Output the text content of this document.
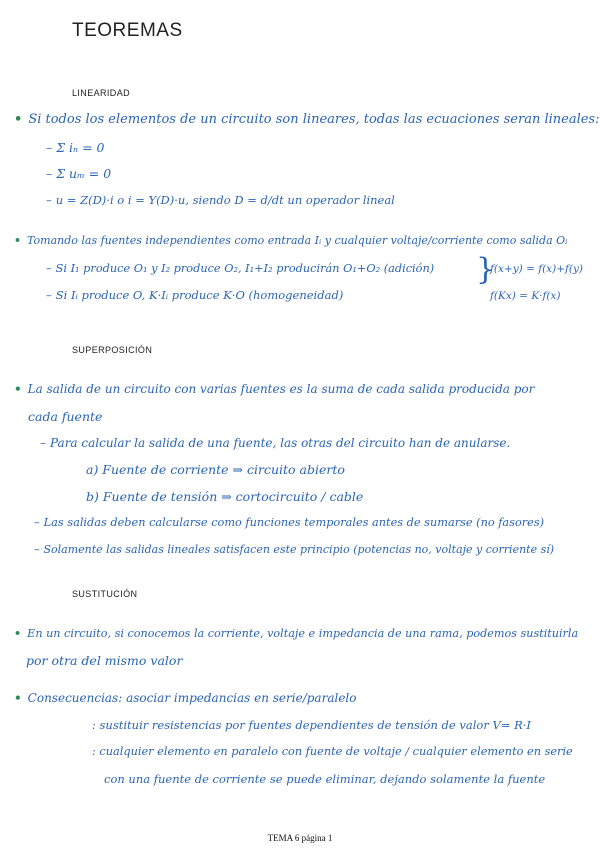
TEOREMAS
LINEARIDAD
• Si todos los elementos de un circuito son lineares, todas las ecuaciones seran lineales:
– Σ iₙ = 0
– Σ uₘ = 0
– u = Z(D)·i o i = Y(D)·u, siendo D = d/dt un operador lineal
• Tomando las fuentes independientes como entrada Iᵢ y cualquier voltaje/corriente como salida Oᵢ
– Si I₁ produce O₁ y I₂ produce O₂, I₁+I₂ producirán O₁+O₂ (adición) }
f(x+y) = f(x)+f(y)
– Si Iᵢ produce O, K·Iᵢ produce K·O (homogeneidad)	f(Kx) = K·f(x)
SUPERPOSICIÓN
• La salida de un circuito con varias fuentes es la suma de cada salida producida por
cada fuente
– Para calcular la salida de una fuente, las otras del circuito han de anularse.
a) Fuente de corriente ⇒ circuito abierto
b) Fuente de tensión ⇒ cortocircuito / cable
– Las salidas deben calcularse como funciones temporales antes de sumarse (no fasores)
– Solamente las salidas lineales satisfacen este principio (potencias no, voltaje y corriente sí)
SUSTITUCIÓN
• En un circuito, si conocemos la corriente, voltaje e impedancia de una rama, podemos sustituirla
por otra del mismo valor
• Consecuencias: asociar impedancias en serie/paralelo
: sustituir resistencias por fuentes dependientes de tensión de valor V= R·I
: cualquier elemento en paralelo con fuente de voltaje / cualquier elemento en serie
con una fuente de corriente se puede eliminar, dejando solamente la fuente
TEMA 6 página 1
